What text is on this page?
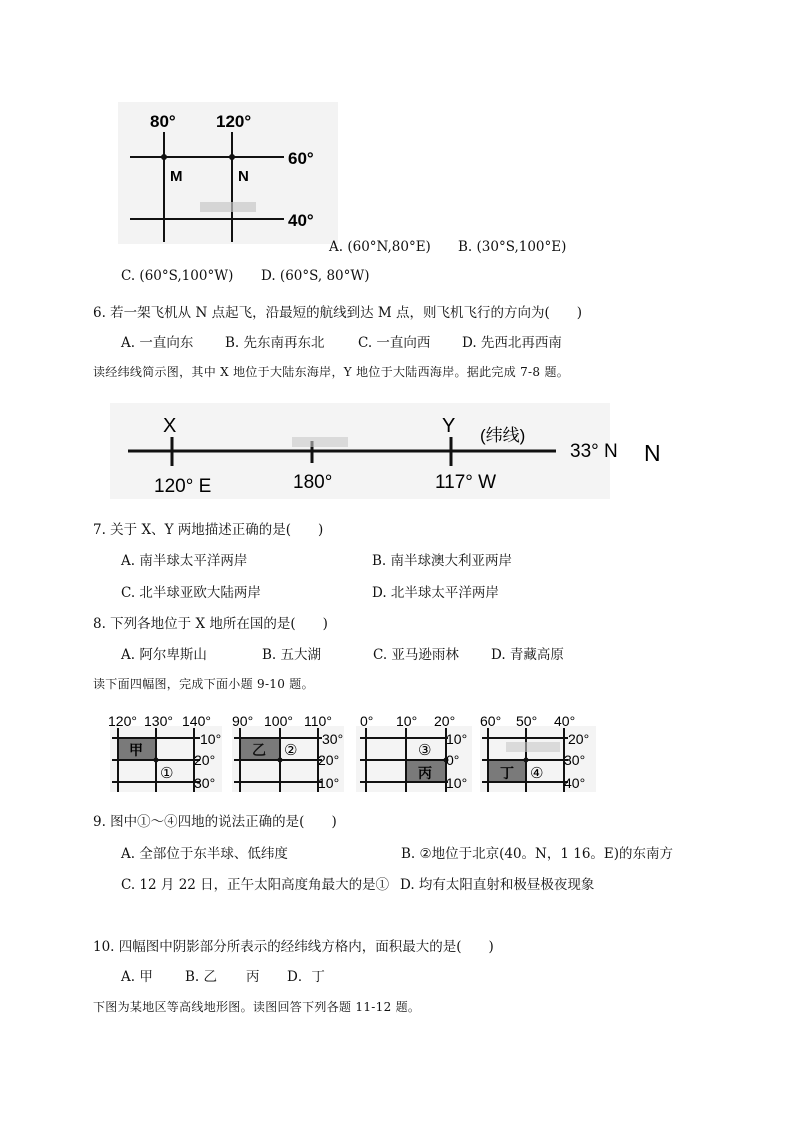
80° 120°
60°
40°
M	N
A. (60°N,80°E) B. (30°S,100°E)
C. (60°S,100°W) D. (60°S, 80°W)
6. 若一架飞机从 N 点起飞，沿最短的航线到达 M 点，则飞机飞行的方向为(　　)
A. 一直向东 B. 先东南再东北 C. 一直向西 D. 先西北再西南
读经纬线简示图，其中 X 地位于大陆东海岸，Y 地位于大陆西海岸。据此完成 7-8 题。
X	Y (纬线)
33° N N
120° E	180°	117° W
7. 关于 X、Y 两地描述正确的是(　　)
A. 南半球太平洋两岸	B. 南半球澳大利亚两岸
C. 北半球亚欧大陆两岸	D. 北半球太平洋两岸
8. 下列各地位于 X 地所在国的是(　　)
A. 阿尔卑斯山	B. 五大湖	C. 亚马逊雨林 D. 青藏高原
读下面四幅图，完成下面小题 9-10 题。
120° 130° 140°
10°
20°
30°
甲
①
90° 100° 110°
30°
20°
10°
乙 ②
0° 10° 20°
10°
0°
10°
丙
③
60° 50° 40°
20°
30°
40°
丁 ④
9. 图中①～④四地的说法正确的是(　　)
A. 全部位于东半球、低纬度	B. ②地位于北京(40。N，1 16。E)的东南方
C. 12 月 22 日，正午太阳高度角最大的是① D. 均有太阳直射和极昼极夜现象
10. 四幅图中阴影部分所表示的经纬线方格内，面积最大的是(　　)
A. 甲 B. 乙 丙 D．丁
下图为某地区等高线地形图。读图回答下列各题 11-12 题。
